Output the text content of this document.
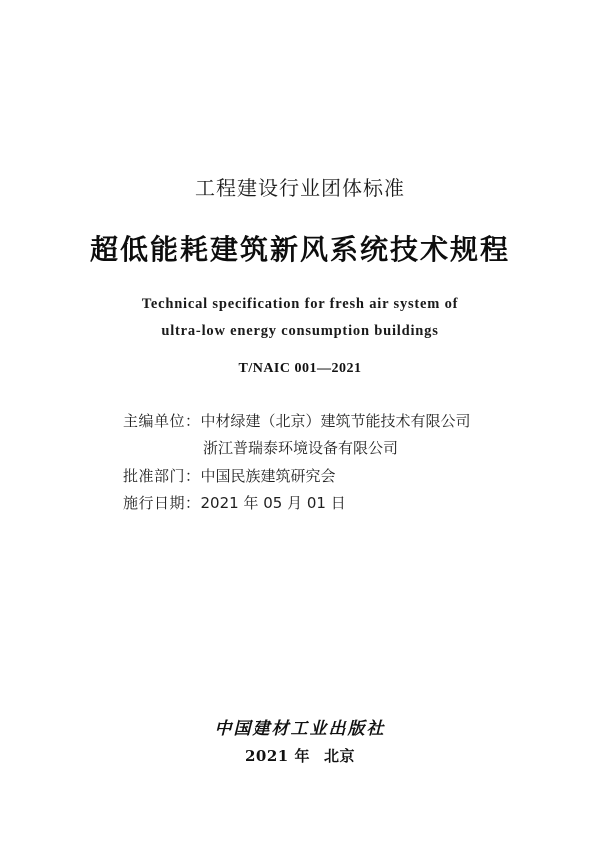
工程建设行业团体标准
超低能耗建筑新风系统技术规程
Technical specification for fresh air system of
ultra-low energy consumption buildings
T/NAIC 001—2021
主编单位：中材绿建（北京）建筑节能技术有限公司
浙江普瑞泰环境设备有限公司
批准部门：中国民族建筑研究会
施行日期：2021 年 05 月 01 日
中国建材工业出版社
2021 年 北京
